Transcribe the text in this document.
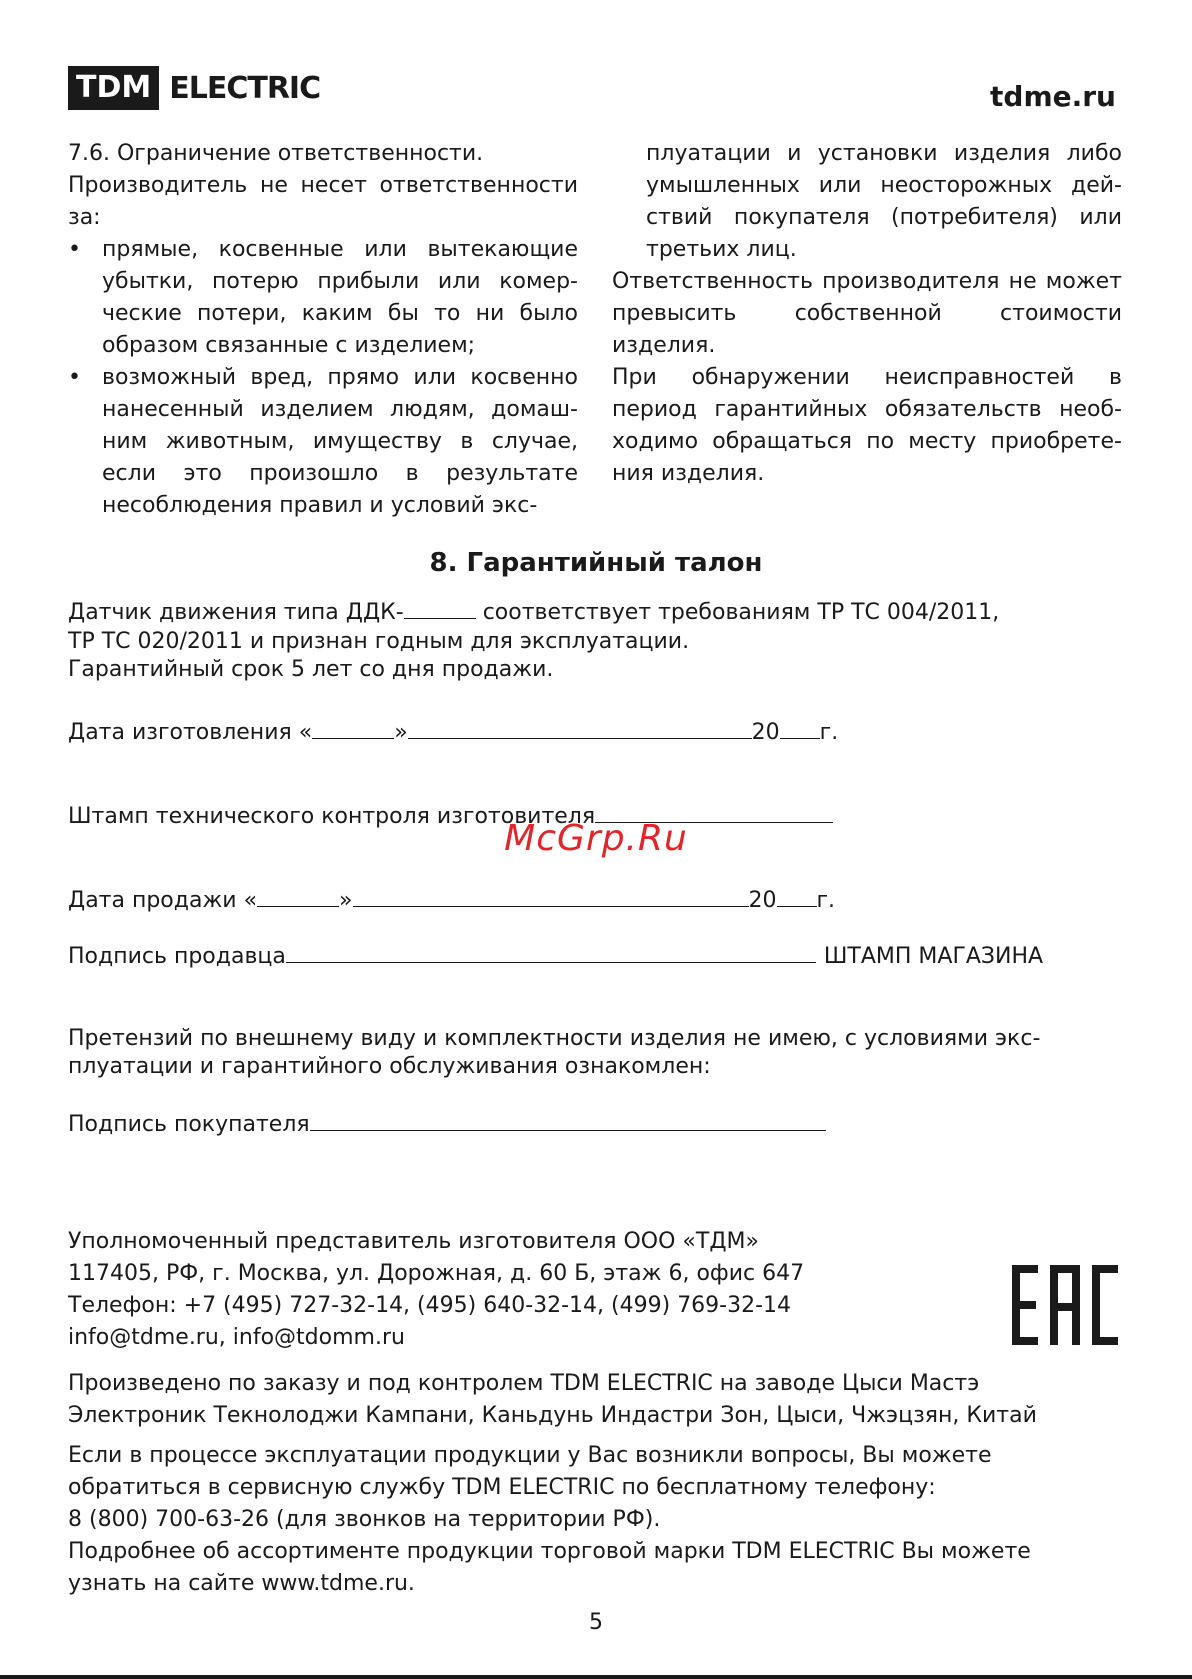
TDM ELECTRIC	tdme.ru

7.6. Ограничение ответственности.

Производитель не несет ответственности за:

• прямые, косвенные или вытекающие убытки, потерю прибыли или комерческие потери, каким бы то ни было образом связанные с изделием;
• возможный вред, прямо или косвенно нанесенный изделием людям, домашним животным, имуществу в случае, если это произошло в результате несоблюдения правил и условий экс-

плуатации и установки изделия либо умышленных или неосторожных действий покупателя (потребителя) или третьих лиц.

Ответственность производителя не может превысить собственной стоимости изделия.

При обнаружении неисправностей в период гарантийных обязательств необходимо обращаться по месту приобретения изделия.

8. Гарантийный талон
Датчик движения типа ДДК-	соответствует требованиям ТР ТС 004/2011,
ТР ТС 020/2011 и признан годным для эксплуатации.
Гарантийный срок 5 лет со дня продажи.
Дата изготовления «	»	20 г.
Штамп технического контроля изготовителя
McGrp.Ru
Дата продажи «	»	20 г.
Подпись продавца	ШТАМП МАГАЗИНА
Претензий по внешнему виду и комплектности изделия не имею, с условиями экс-
плуатации и гарантийного обслуживания ознакомлен:
Подпись покупателя
Уполномоченный представитель изготовителя ООО «ТДМ»
117405, РФ, г. Москва, ул. Дорожная, д. 60 Б, этаж 6, офис 647
Телефон: +7 (495) 727-32-14, (495) 640-32-14, (499) 769-32-14
info@tdme.ru, info@tdomm.ru
Произведено по заказу и под контролем TDM ELECTRIC на заводе Цыси Мастэ
Электроник Текнолоджи Кампани, Каньдунь Индастри Зон, Цыси, Чжэцзян, Китай
Если в процессе эксплуатации продукции у Вас возникли вопросы, Вы можете
обратиться в сервисную службу TDM ELECTRIC по бесплатному телефону:
8 (800) 700-63-26 (для звонков на территории РФ).
Подробнее об ассортименте продукции торговой марки TDM ELECTRIC Вы можете
узнать на сайте www.tdme.ru.
5
